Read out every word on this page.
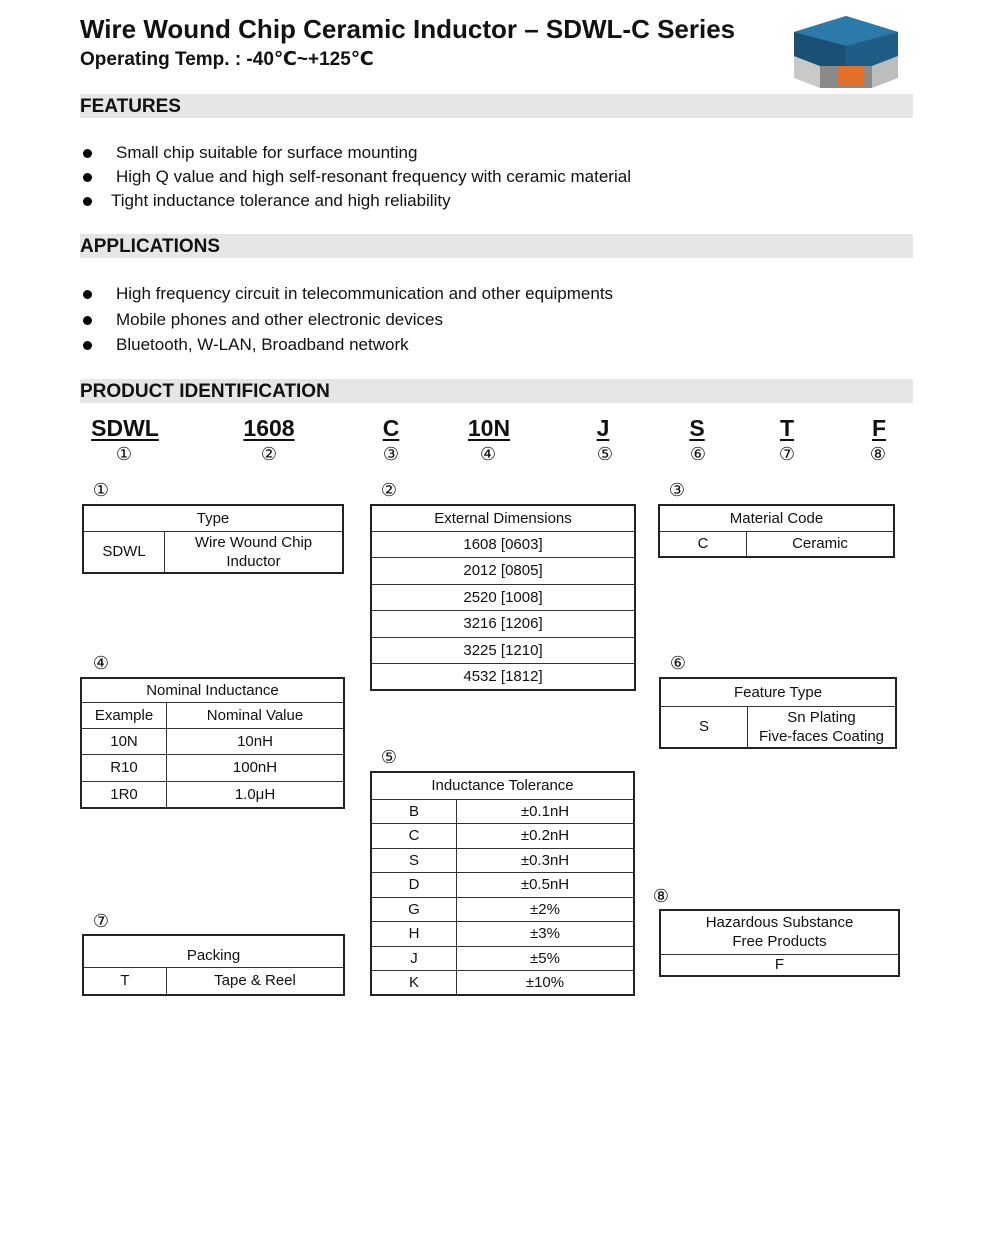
Wire Wound Chip Ceramic Inductor – SDWL-C Series
Operating Temp. : -40℃~+125℃
FEATURES
Small chip suitable for surface mounting
High Q value and high self-resonant frequency with ceramic material
Tight inductance tolerance and high reliability
APPLICATIONS
High frequency circuit in telecommunication and other equipments
Mobile phones and other electronic devices
Bluetooth, W-LAN, Broadband network
PRODUCT IDENTIFICATION
SDWL	1608	C	10N	J	S	T	F
①	②	③	④	⑤	⑥	⑦	⑧
①
Type
SDWL	Wire Wound Chip
Inductor
②
External Dimensions
1608 [0603]
2012 [0805]
2520 [1008]
3216 [1206]
3225 [1210]
4532 [1812]
③
Material Code
C	Ceramic
④
Nominal Inductance	
Example	Nominal Value
10N	10nH
R10	100nH
1R0	1.0μH
⑥
Feature Type
S	Sn Plating
Five-faces Coating
⑤
Inductance Tolerance	
B	±0.1nH
C	±0.2nH
S	±0.3nH
D	±0.5nH
G	±2%
H	±3%
J	±5%
K	±10%
⑧
Hazardous Substance
Free Products
F
⑦
Packing
T	Tape & Reel
